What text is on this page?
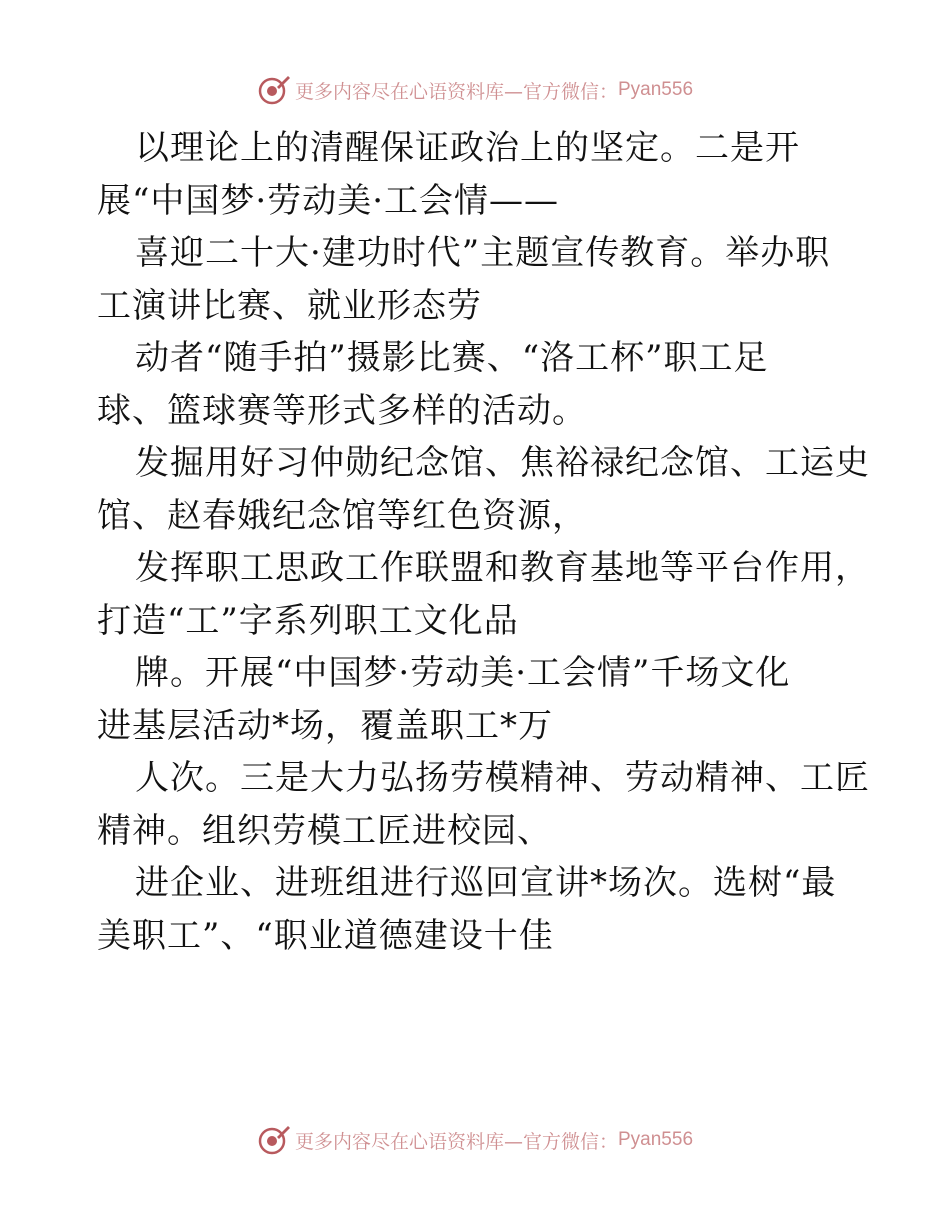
更多内容尽在心语资料库—官方微信： Pyan556
以理论上的清醒保证政治上的坚定。二是开
展“中国梦·劳动美·工会情——
喜迎二十大·建功时代”主题宣传教育。举办职
工演讲比赛、就业形态劳
动者“随手拍”摄影比赛、“洛工杯”职工足
球、篮球赛等形式多样的活动。
发掘用好习仲勋纪念馆、焦裕禄纪念馆、工运史
馆、赵春娥纪念馆等红色资源，
发挥职工思政工作联盟和教育基地等平台作用，
打造“工”字系列职工文化品
牌。开展“中国梦·劳动美·工会情”千场文化
进基层活动*场，覆盖职工*万
人次。三是大力弘扬劳模精神、劳动精神、工匠
精神。组织劳模工匠进校园、
进企业、进班组进行巡回宣讲*场次。选树“最
美职工”、“职业道德建设十佳
更多内容尽在心语资料库—官方微信： Pyan556
